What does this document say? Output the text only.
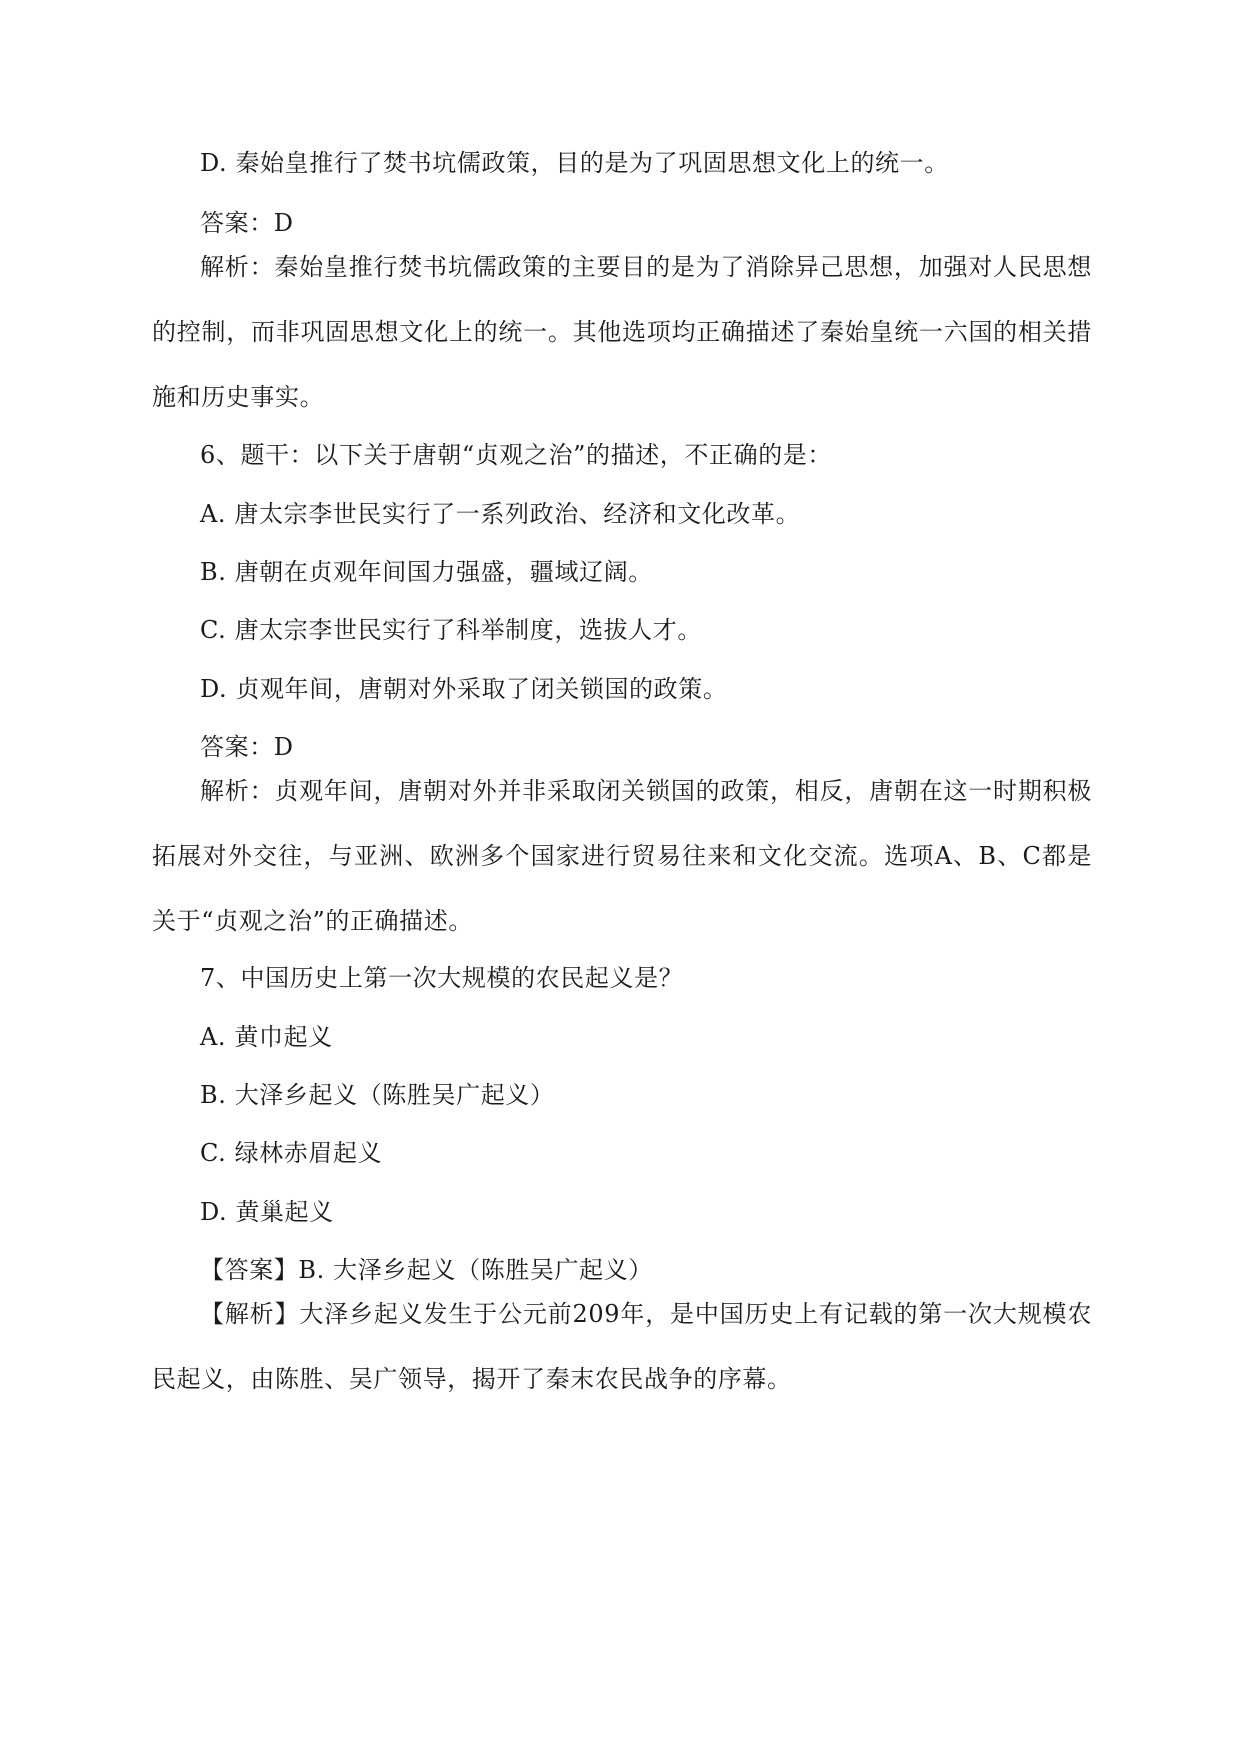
D. 秦始皇推行了焚书坑儒政策，目的是为了巩固思想文化上的统一。
答案：D
解析：秦始皇推行焚书坑儒政策的主要目的是为了消除异己思想，加强对人民思想的控制，而非巩固思想文化上的统一。其他选项均正确描述了秦始皇统一六国的相关措施和历史事实。
6、题干：以下关于唐朝“贞观之治”的描述，不正确的是：
A. 唐太宗李世民实行了一系列政治、经济和文化改革。
B. 唐朝在贞观年间国力强盛，疆域辽阔。
C. 唐太宗李世民实行了科举制度，选拔人才。
D. 贞观年间，唐朝对外采取了闭关锁国的政策。
答案：D
解析：贞观年间，唐朝对外并非采取闭关锁国的政策，相反，唐朝在这一时期积极拓展对外交往，与亚洲、欧洲多个国家进行贸易往来和文化交流。选项A、B、C都是关于“贞观之治”的正确描述。
7、中国历史上第一次大规模的农民起义是？
A. 黄巾起义
B. 大泽乡起义（陈胜吴广起义）
C. 绿林赤眉起义
D. 黄巢起义
【答案】B. 大泽乡起义（陈胜吴广起义）
【解析】大泽乡起义发生于公元前209年，是中国历史上有记载的第一次大规模农民起义，由陈胜、吴广领导，揭开了秦末农民战争的序幕。
